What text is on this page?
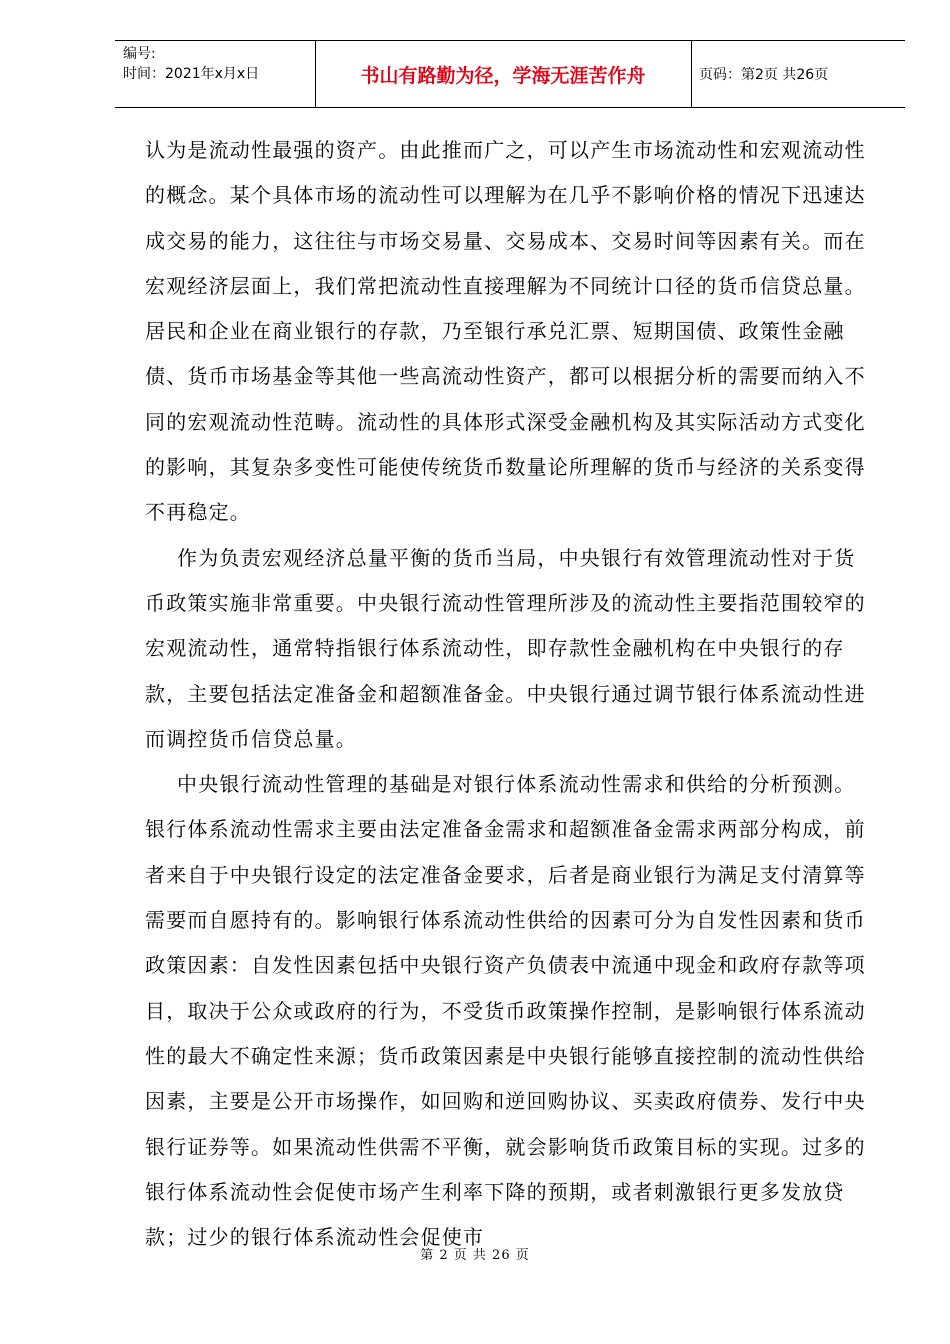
编号:
时间：2021年x月x日	书山有路勤为径，学海无涯苦作舟	页码：第2页 共26页

认为是流动性最强的资产。由此推而广之，可以产生市场流动性和宏观流动性的概念。某个具体市场的流动性可以理解为在几乎不影响价格的情况下迅速达成交易的能力，这往往与市场交易量、交易成本、交易时间等因素有关。而在宏观经济层面上，我们常把流动性直接理解为不同统计口径的货币信贷总量。居民和企业在商业银行的存款，乃至银行承兑汇票、短期国债、政策性金融债、货币市场基金等其他一些高流动性资产，都可以根据分析的需要而纳入不同的宏观流动性范畴。流动性的具体形式深受金融机构及其实际活动方式变化的影响，其复杂多变性可能使传统货币数量论所理解的货币与经济的关系变得不再稳定。

作为负责宏观经济总量平衡的货币当局，中央银行有效管理流动性对于货币政策实施非常重要。中央银行流动性管理所涉及的流动性主要指范围较窄的宏观流动性，通常特指银行体系流动性，即存款性金融机构在中央银行的存款，主要包括法定准备金和超额准备金。中央银行通过调节银行体系流动性进而调控货币信贷总量。

中央银行流动性管理的基础是对银行体系流动性需求和供给的分析预测。银行体系流动性需求主要由法定准备金需求和超额准备金需求两部分构成，前者来自于中央银行设定的法定准备金要求，后者是商业银行为满足支付清算等需要而自愿持有的。影响银行体系流动性供给的因素可分为自发性因素和货币政策因素：自发性因素包括中央银行资产负债表中流通中现金和政府存款等项目，取决于公众或政府的行为，不受货币政策操作控制，是影响银行体系流动性的最大不确定性来源；货币政策因素是中央银行能够直接控制的流动性供给因素，主要是公开市场操作，如回购和逆回购协议、买卖政府债券、发行中央银行证券等。如果流动性供需不平衡，就会影响货币政策目标的实现。过多的银行体系流动性会促使市场产生利率下降的预期，或者刺激银行更多发放贷款；过少的银行体系流动性会促使市

第 2 页 共 26 页
